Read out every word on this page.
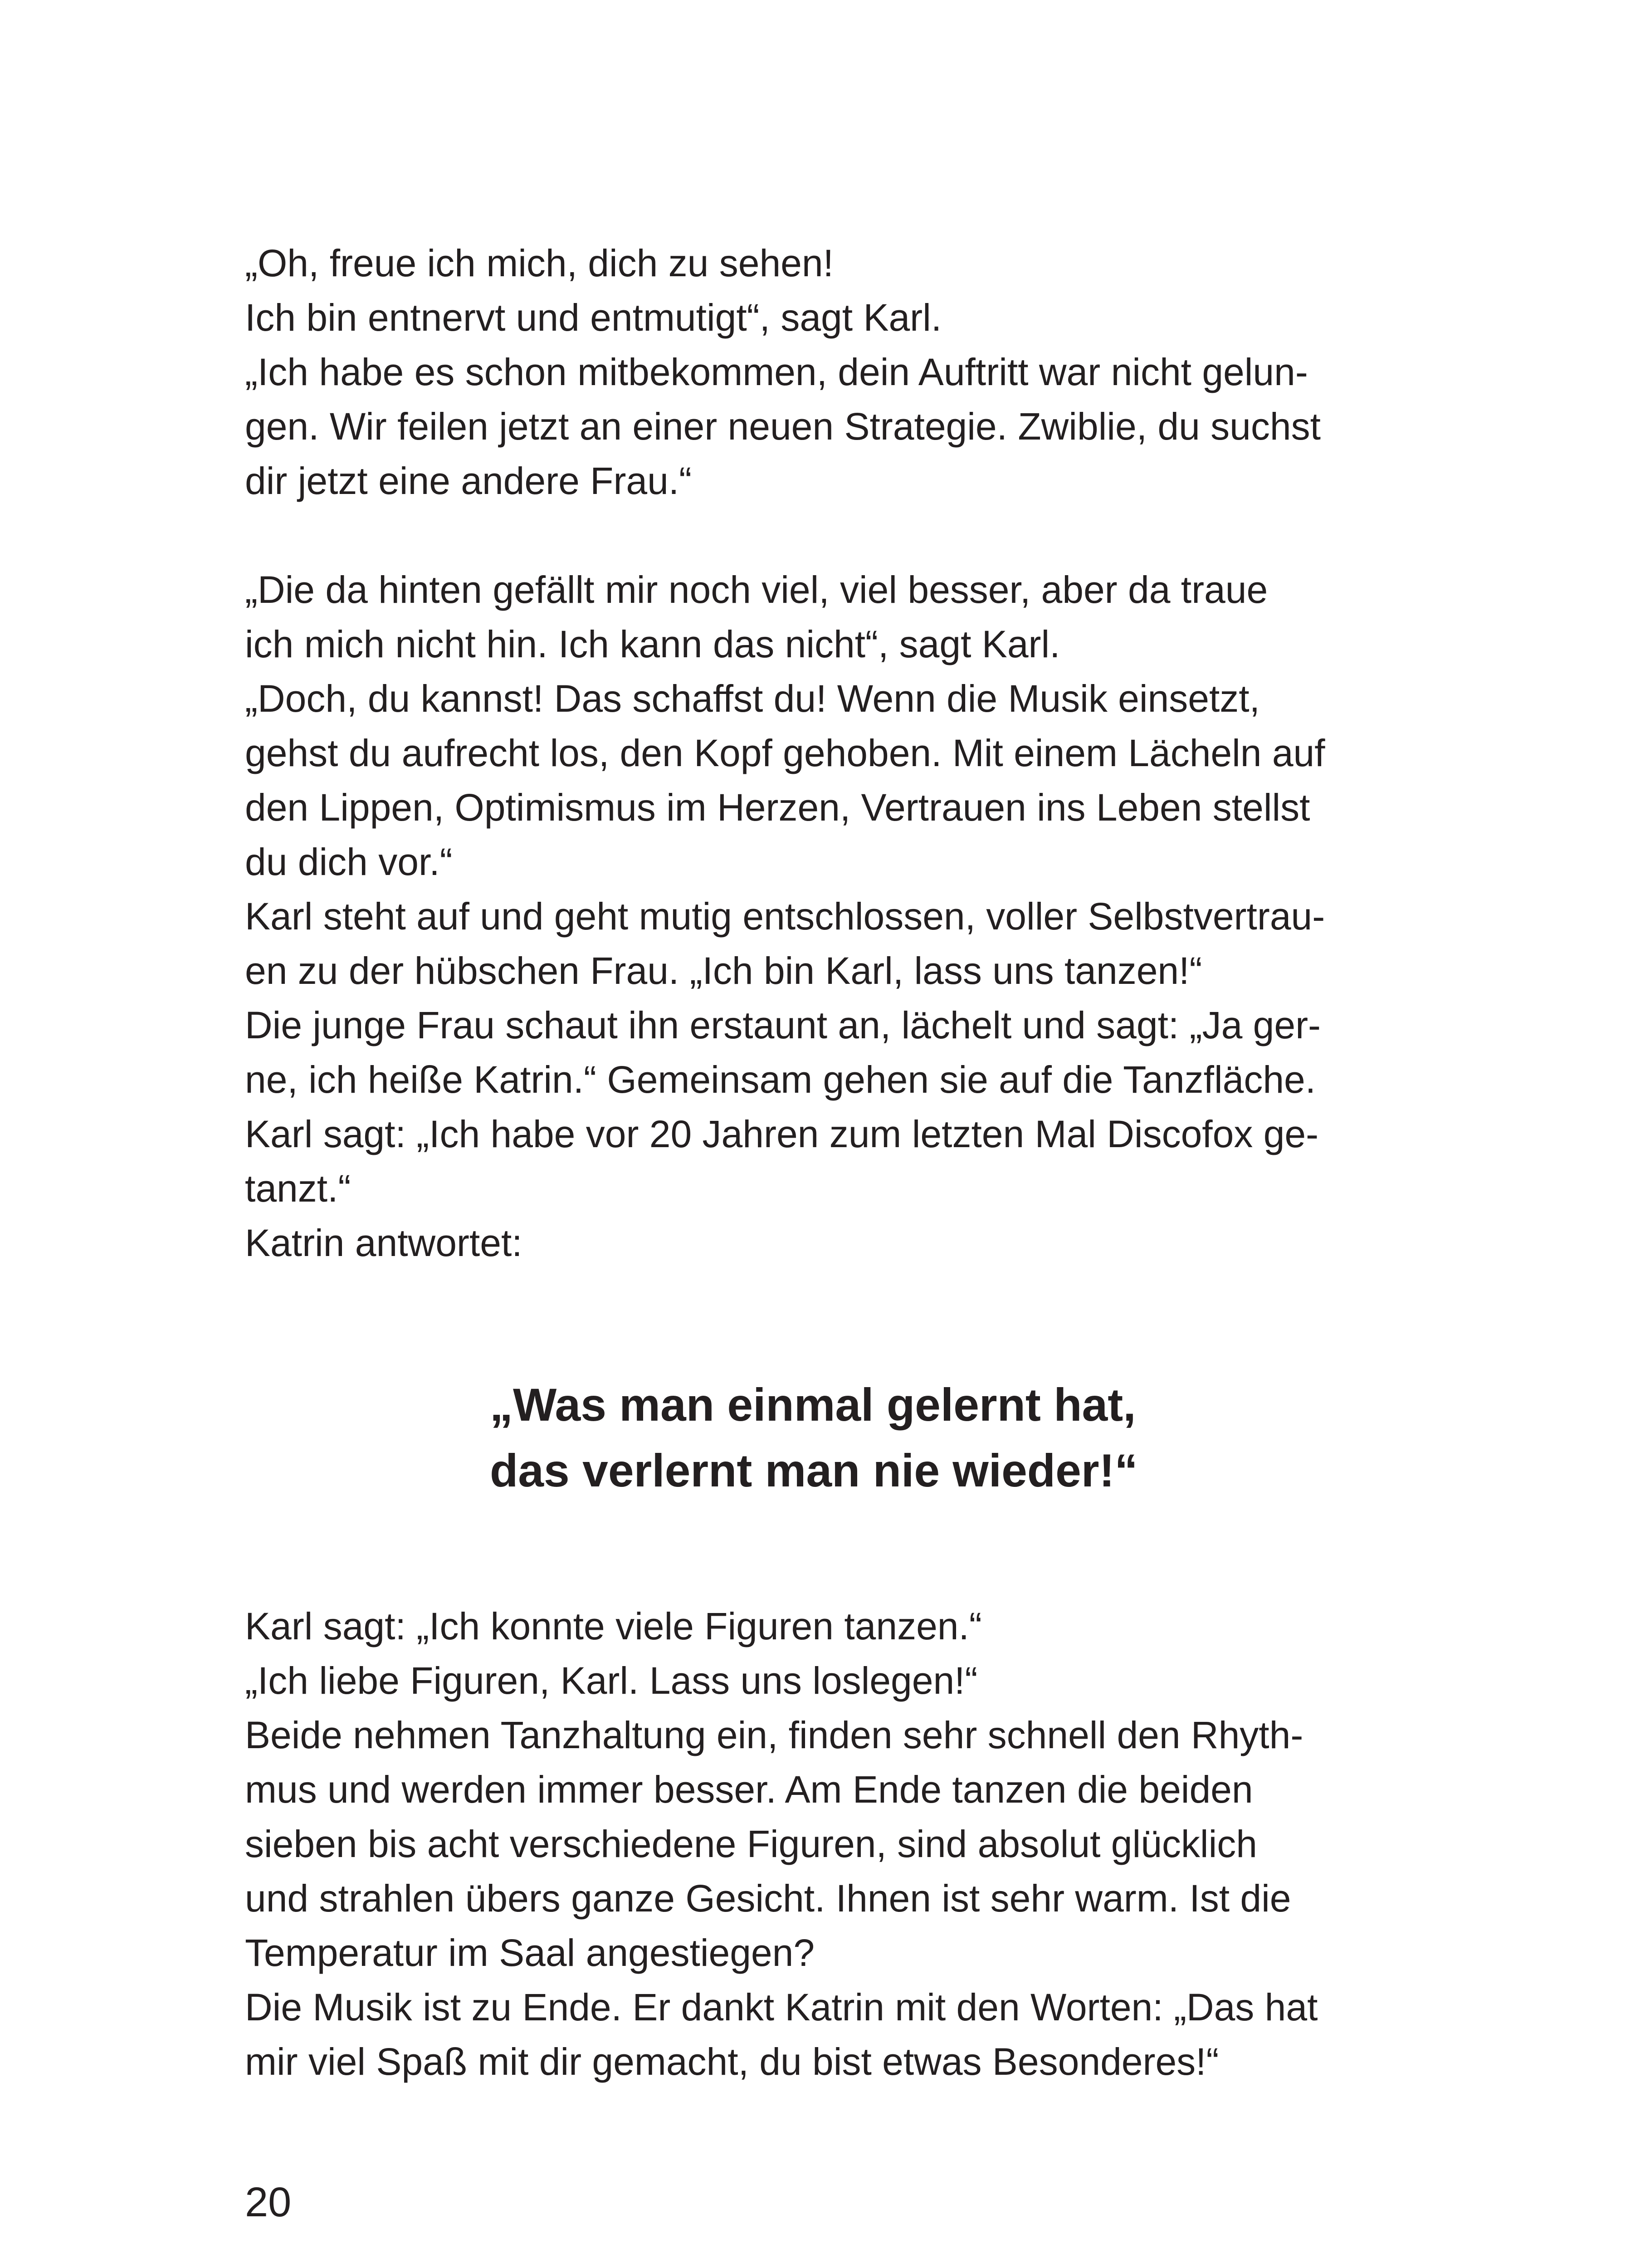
„Oh, freue ich mich, dich zu sehen!
Ich bin entnervt und entmutigt“, sagt Karl.
„Ich habe es schon mitbekommen, dein Auftritt war nicht gelun-
gen. Wir feilen jetzt an einer neuen Strategie. Zwiblie, du suchst
dir jetzt eine andere Frau.“
„Die da hinten gefällt mir noch viel, viel besser, aber da traue
ich mich nicht hin. Ich kann das nicht“, sagt Karl.
„Doch, du kannst! Das schaffst du! Wenn die Musik einsetzt,
gehst du aufrecht los, den Kopf gehoben. Mit einem Lächeln auf
den Lippen, Optimismus im Herzen, Vertrauen ins Leben stellst
du dich vor.“
Karl steht auf und geht mutig entschlossen, voller Selbstvertrau-
en zu der hübschen Frau. „Ich bin Karl, lass uns tanzen!“
Die junge Frau schaut ihn erstaunt an, lächelt und sagt: „Ja ger-
ne, ich heiße Katrin.“ Gemeinsam gehen sie auf die Tanzfläche.
Karl sagt: „Ich habe vor 20 Jahren zum letzten Mal Discofox ge-
tanzt.“
Katrin antwortet:
„Was man einmal gelernt hat,
das verlernt man nie wieder!“
Karl sagt: „Ich konnte viele Figuren tanzen.“
„Ich liebe Figuren, Karl. Lass uns loslegen!“
Beide nehmen Tanzhaltung ein, finden sehr schnell den Rhyth-
mus und werden immer besser. Am Ende tanzen die beiden
sieben bis acht verschiedene Figuren, sind absolut glücklich
und strahlen übers ganze Gesicht. Ihnen ist sehr warm. Ist die
Temperatur im Saal angestiegen?
Die Musik ist zu Ende. Er dankt Katrin mit den Worten: „Das hat
mir viel Spaß mit dir gemacht, du bist etwas Besonderes!“
20
